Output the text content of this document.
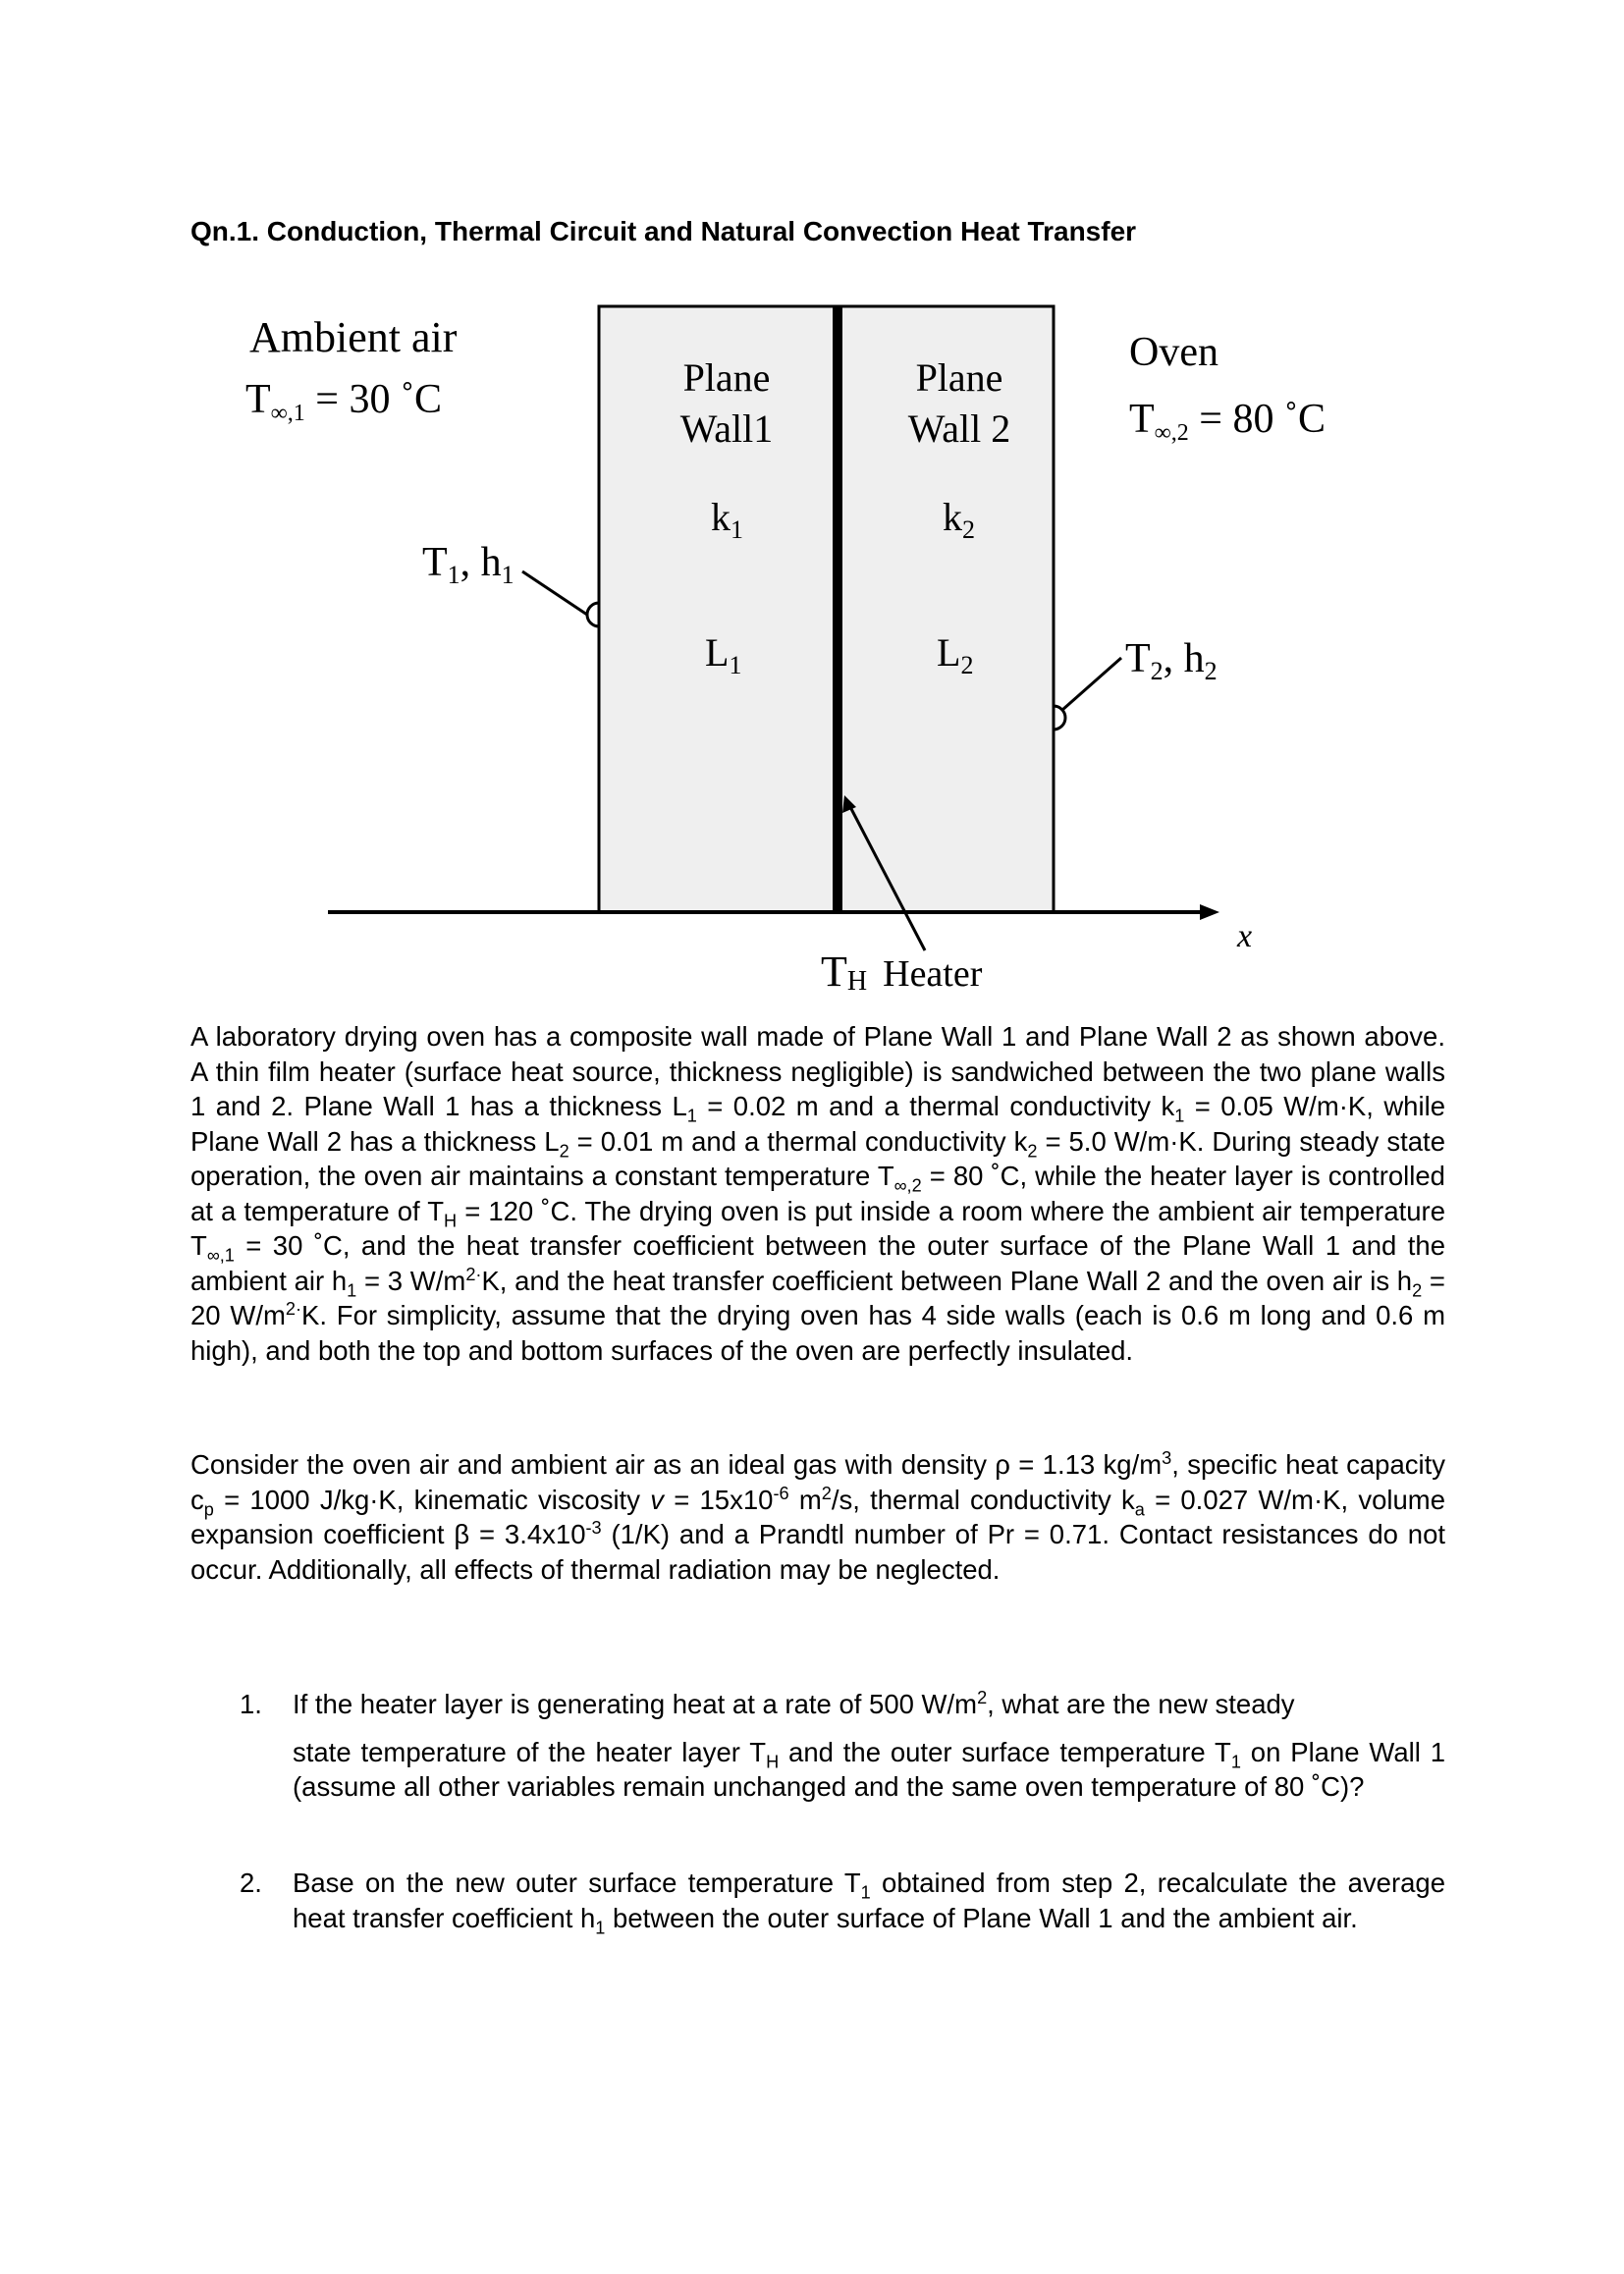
Qn.1. Conduction, Thermal Circuit and Natural Convection Heat Transfer
x
Ambient air
T∞,1 = 30 ˚C	Plane
Wall1
Plane
Wall 2
$k_1$	$k_2$
$L_1$	$L_2$
Oven
T∞,2 = 80 ˚C
T1, h1
T2, h2
TH Heater

A laboratory drying oven has a composite wall made of Plane Wall 1 and Plane Wall 2 as shown above. A thin film heater (surface heat source, thickness negligible) is sandwiched between the two plane walls 1 and 2. Plane Wall 1 has a thickness $L_1 = 0.02$ m and a thermal conductivity $k_1 = 0.05$ W/m·K, while Plane Wall 2 has a thickness $L_2 = 0.01$ m and a thermal conductivity $k_2 = 5.0$ W/m·K. During steady state operation, the oven air maintains a constant temperature $T_{\infty,2} = 80$ ˚C, while the heater layer is controlled at a temperature of $T_H = 120$ ˚C. The drying oven is put inside a room where the ambient air temperature $T_{\infty,1} = 30$ ˚C, and the heat transfer coefficient between the outer surface of the Plane Wall 1 and the ambient air $h_1 = 3$ $W/m^{2\cdot}K$, and the heat transfer coefficient between Plane Wall 2 and the oven air is $h_2 = 20$ $W/m^{2\cdot}K$. For simplicity, assume that the drying oven has 4 side walls (each is 0.6 m long and 0.6 m high), and both the top and bottom surfaces of the oven are perfectly insulated.

Consider the oven air and ambient air as an ideal gas with density ρ = 1.13 $kg/m^3$, specific heat capacity $c_p = 1000$ J/kg·K, kinematic viscosity $v = 15x10^{-6}$ $m^2/s$, thermal conductivity $k_a = 0.027$ W/m·K, volume expansion coefficient $\beta = 3.4x10^{-3}$ (1/K) and a Prandtl number of Pr = 0.71. Contact resistances do not occur. Additionally, all effects of thermal radiation may be neglected.

1. If the heater layer is generating heat at a rate of 500 $W/m^2$, what are the new steady
state temperature of the heater layer $T_H$ and the outer surface temperature $T_1$ on Plane Wall 1 (assume all other variables remain unchanged and the same oven temperature of 80 ˚C)?
2. Base on the new outer surface temperature $T_1$ obtained from step 2, recalculate the average heat transfer coefficient $h_1$ between the outer surface of Plane Wall 1 and the ambient air.
